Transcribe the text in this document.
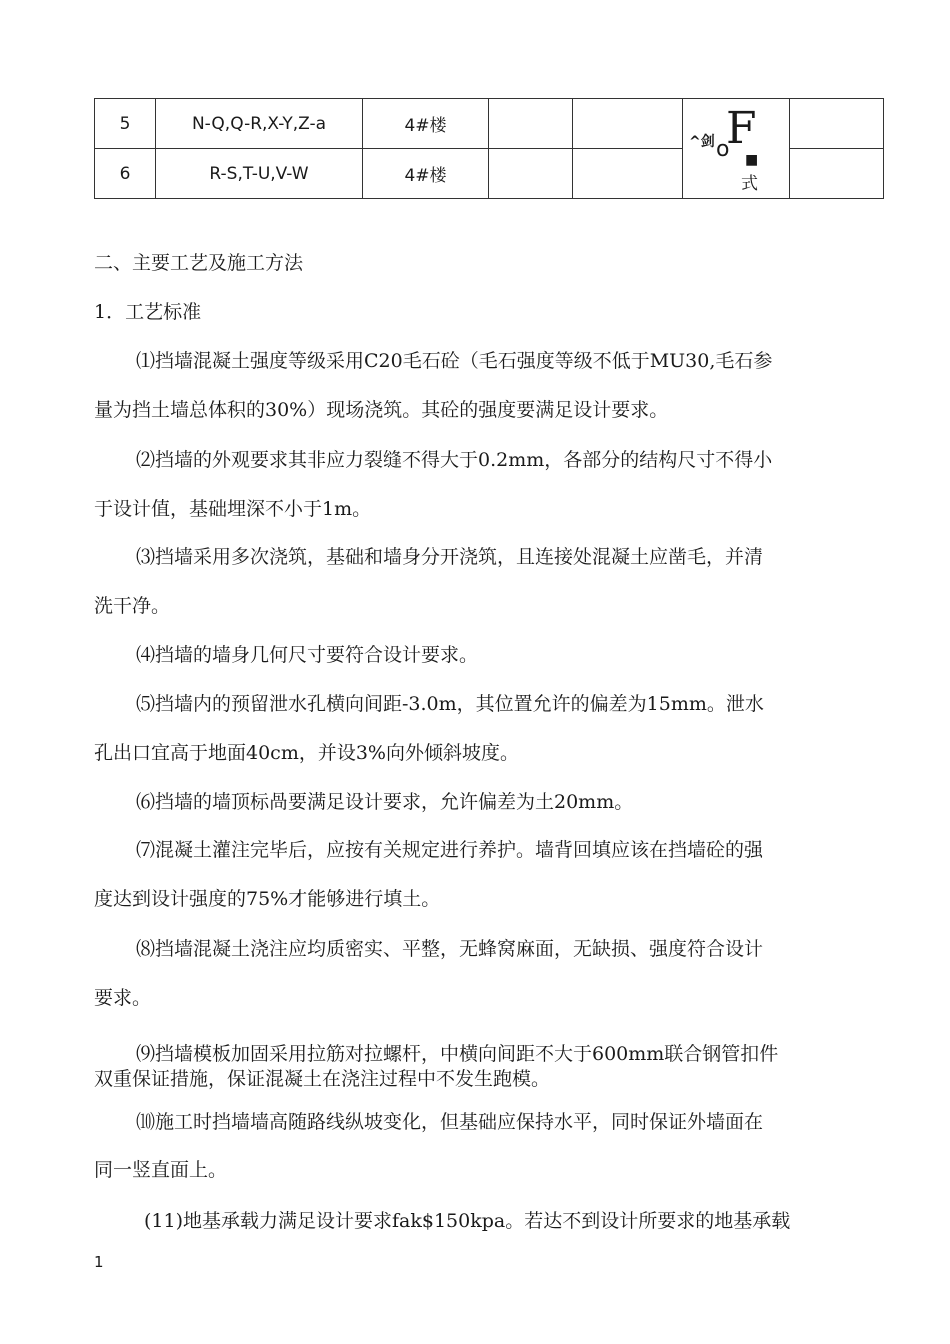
5	N-Q,Q-R,X-Y,Z-a	4#楼			^剑 F
o ■
式	

6	R-S,T-U,V-W	4#楼				

二、主要工艺及施工方法

1．工艺标准

⑴挡墙混凝土强度等级采用C20毛石砼（毛石强度等级不低于MU30,毛石参

量为挡土墙总体积的30%）现场浇筑。其砼的强度要满足设计要求。

⑵挡墙的外观要求其非应力裂缝不得大于0.2mm，各部分的结构尺寸不得小

于设计值，基础埋深不小于1m。

⑶挡墙采用多次浇筑，基础和墙身分开浇筑，且连接处混凝土应凿毛，并清

洗干净。

⑷挡墙的墙身几何尺寸要符合设计要求。

⑸挡墙内的预留泄水孔横向间距-3.0m，其位置允许的偏差为15mm。泄水

孔出口宜高于地面40cm，并设3%向外倾斜坡度。

⑹挡墙的墙顶标咼要满足设计要求，允许偏差为土20mm。

⑺混凝土灌注完毕后，应按有关规定进行养护。墙背回填应该在挡墙砼的强

度达到设计强度的75%才能够进行填土。

⑻挡墙混凝土浇注应均质密实、平整，无蜂窝麻面，无缺损、强度符合设计

要求。

⑼挡墙模板加固采用拉筋对拉螺杆，中横向间距不大于600mm联合钢管扣件

双重保证措施，保证混凝土在浇注过程中不发生跑模。

⑽施工时挡墙墙高随路线纵坡变化，但基础应保持水平，同时保证外墙面在

同一竖直面上。

(11)地基承载力满足设计要求fak$150kpa。若达不到设计所要求的地基承载

1
